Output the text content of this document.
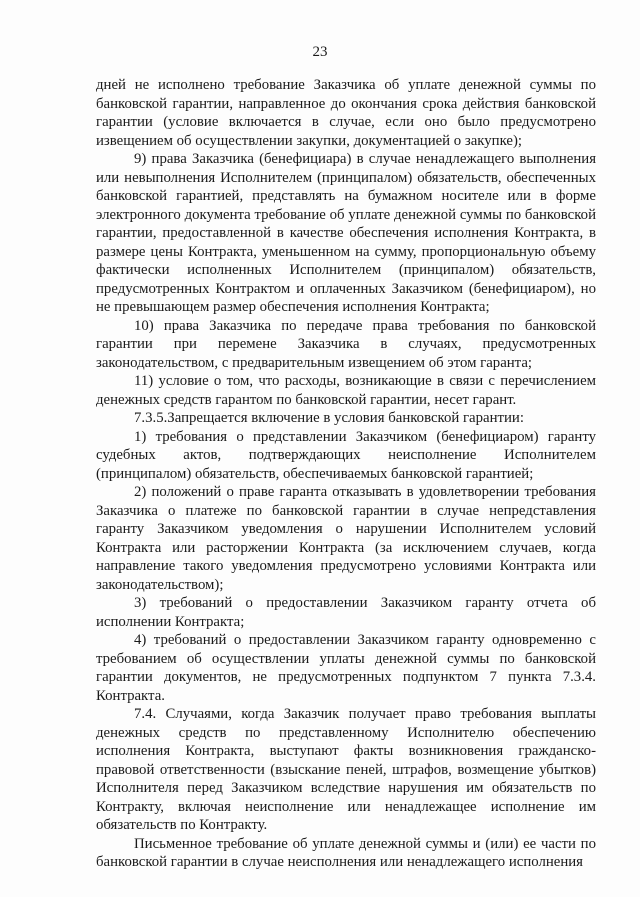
23

дней не исполнено требование Заказчика об уплате денежной суммы по банковской гарантии, направленное до окончания срока действия банковской гарантии (условие включается в случае, если оно было предусмотрено извещением об осуществлении закупки, документацией о закупке);

9) права Заказчика (бенефициара) в случае ненадлежащего выполнения или невыполнения Исполнителем (принципалом) обязательств, обеспеченных банковской гарантией, представлять на бумажном носителе или в форме электронного документа требование об уплате денежной суммы по банковской гарантии, предоставленной в качестве обеспечения исполнения Контракта, в размере цены Контракта, уменьшенном на сумму, пропорциональную объему фактически исполненных Исполнителем (принципалом) обязательств, предусмотренных Контрактом и оплаченных Заказчиком (бенефициаром), но не превышающем размер обеспечения исполнения Контракта;

10) права Заказчика по передаче права требования по банковской гарантии при перемене Заказчика в случаях, предусмотренных законодательством, с предварительным извещением об этом гаранта;

11) условие о том, что расходы, возникающие в связи с перечислением денежных средств гарантом по банковской гарантии, несет гарант.

7.3.5.Запрещается включение в условия банковской гарантии:

1) требования о представлении Заказчиком (бенефициаром) гаранту судебных актов, подтверждающих неисполнение Исполнителем (принципалом) обязательств, обеспечиваемых банковской гарантией;

2) положений о праве гаранта отказывать в удовлетворении требования Заказчика о платеже по банковской гарантии в случае непредставления гаранту Заказчиком уведомления о нарушении Исполнителем условий Контракта или расторжении Контракта (за исключением случаев, когда направление такого уведомления предусмотрено условиями Контракта или законодательством);

3) требований о предоставлении Заказчиком гаранту отчета об исполнении Контракта;

4) требований о предоставлении Заказчиком гаранту одновременно с требованием об осуществлении уплаты денежной суммы по банковской гарантии документов, не предусмотренных подпунктом 7 пункта 7.3.4. Контракта.

7.4. Случаями, когда Заказчик получает право требования выплаты денежных средств по представленному Исполнителю обеспечению исполнения Контракта, выступают факты возникновения гражданско-правовой ответственности (взыскание пеней, штрафов, возмещение убытков) Исполнителя перед Заказчиком вследствие нарушения им обязательств по Контракту, включая неисполнение или ненадлежащее исполнение им обязательств по Контракту.

Письменное требование об уплате денежной суммы и (или) ее части по банковской гарантии в случае неисполнения или ненадлежащего исполнения
